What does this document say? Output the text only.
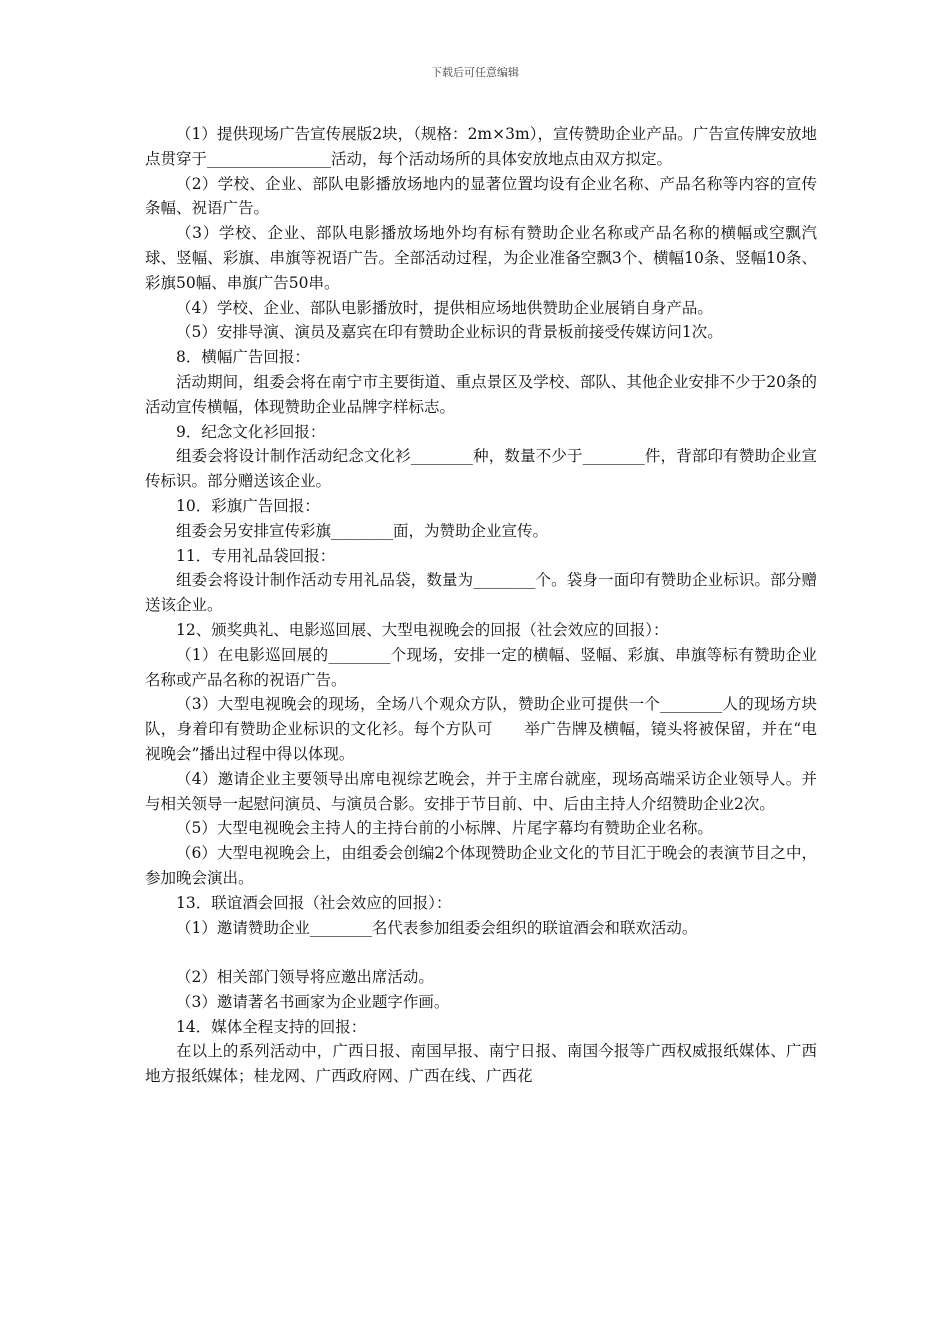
下载后可任意编辑

（1）提供现场广告宣传展版2块，（规格：2m×3m），宣传赞助企业产品。广告宣传牌安放地点贯穿于________________活动，每个活动场所的具体安放地点由双方拟定。

（2）学校、企业、部队电影播放场地内的显著位置均设有企业名称、产品名称等内容的宣传条幅、祝语广告。

（3）学校、企业、部队电影播放场地外均有标有赞助企业名称或产品名称的横幅或空飘汽球、竖幅、彩旗、串旗等祝语广告。全部活动过程，为企业准备空飘3个、横幅10条、竖幅10条、彩旗50幅、串旗广告50串。

（4）学校、企业、部队电影播放时，提供相应场地供赞助企业展销自身产品。

（5）安排导演、演员及嘉宾在印有赞助企业标识的背景板前接受传媒访问1次。

8．横幅广告回报：

活动期间，组委会将在南宁市主要街道、重点景区及学校、部队、其他企业安排不少于20条的活动宣传横幅，体现赞助企业品牌字样标志。

9．纪念文化衫回报：

组委会将设计制作活动纪念文化衫________种，数量不少于________件，背部印有赞助企业宣传标识。部分赠送该企业。

10．彩旗广告回报：

组委会另安排宣传彩旗________面，为赞助企业宣传。

11．专用礼品袋回报：

组委会将设计制作活动专用礼品袋，数量为________个。袋身一面印有赞助企业标识。部分赠送该企业。

12、颁奖典礼、电影巡回展、大型电视晚会的回报（社会效应的回报）：

（1）在电影巡回展的________个现场，安排一定的横幅、竖幅、彩旗、串旗等标有赞助企业名称或产品名称的祝语广告。

（3）大型电视晚会的现场，全场八个观众方队，赞助企业可提供一个________人的现场方块队，身着印有赞助企业标识的文化衫。每个方队可　　举广告牌及横幅，镜头将被保留，并在“电视晚会”播出过程中得以体现。

（4）邀请企业主要领导出席电视综艺晚会，并于主席台就座，现场高端采访企业领导人。并与相关领导一起慰问演员、与演员合影。安排于节目前、中、后由主持人介绍赞助企业2次。

（5）大型电视晚会主持人的主持台前的小标牌、片尾字幕均有赞助企业名称。

（6）大型电视晚会上，由组委会创编2个体现赞助企业文化的节目汇于晚会的表演节目之中，参加晚会演出。

13．联谊酒会回报（社会效应的回报）：

（1）邀请赞助企业________名代表参加组委会组织的联谊酒会和联欢活动。

（2）相关部门领导将应邀出席活动。

（3）邀请著名书画家为企业题字作画。

14．媒体全程支持的回报：

在以上的系列活动中，广西日报、南国早报、南宁日报、南国今报等广西权威报纸媒体、广西地方报纸媒体；桂龙网、广西政府网、广西在线、广西花
